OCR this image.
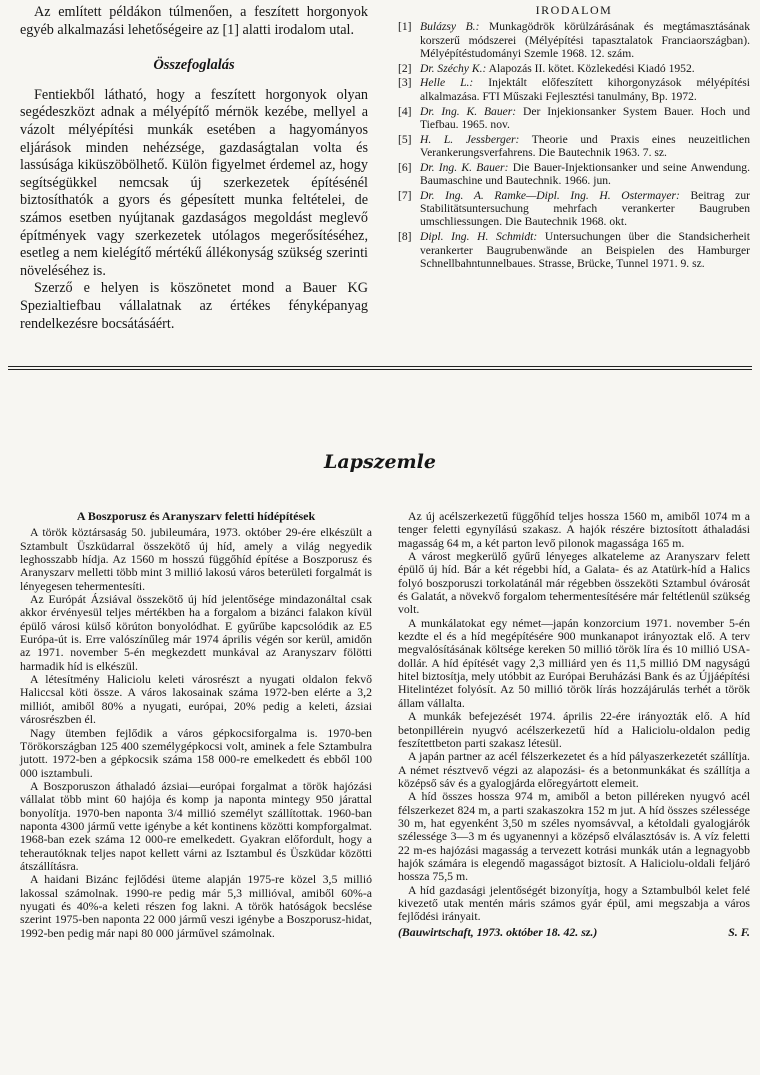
Az említett példákon túlmenően, a feszített horgonyok egyéb alkalmazási lehetőségeire az [1] alatti irodalom utal.

Összefoglalás

Fentiekből látható, hogy a feszített horgonyok olyan segédeszközt adnak a mélyépítő mérnök kezébe, mellyel a vázolt mélyépítési munkák esetében a hagyományos eljárások minden nehézsége, gazdaságtalan volta és lassúsága kiküszöbölhető. Külön figyelmet érdemel az, hogy segítségükkel nemcsak új szerkezetek építésénél biztosíthatók a gyors és gépesített munka feltételei, de számos esetben nyújtanak gazdaságos megoldást meglevő építmények vagy szerkezetek utólagos megerősítéséhez, esetleg a nem kielégítő mértékű állékonyság szükség szerinti növeléséhez is.

Szerző e helyen is köszönetet mond a Bauer KG Spezialtiefbau vállalatnak az értékes fényképanyag rendelkezésre bocsátásáért.

IRODALOM
[1] Bulázsy B.: Munkagödrök körülzárásának és megtámasztásának korszerű módszerei (Mélyépítési tapasztalatok Franciaországban). Mélyépítéstudományi Szemle 1968. 12. szám.
[2] Dr. Széchy K.: Alapozás II. kötet. Közlekedési Kiadó 1952.
[3] Helle L.: Injektált előfeszített kihorgonyzások mélyépítési alkalmazása. FTI Műszaki Fejlesztési tanulmány, Bp. 1972.
[4] Dr. Ing. K. Bauer: Der Injekionsanker System Bauer. Hoch und Tiefbau. 1965. nov.
[5] H. L. Jessberger: Theorie und Praxis eines neuzeitlichen Verankerungsverfahrens. Die Bautechnik 1963. 7. sz.
[6] Dr. Ing. K. Bauer: Die Bauer-Injektionsanker und seine Anwendung. Baumaschine und Bautechnik. 1966. jun.
[7] Dr. Ing. A. Ramke—Dipl. Ing. H. Ostermayer: Beitrag zur Stabilitätsuntersuchung mehrfach verankerter Baugruben umschliessungen. Die Bautechnik 1968. okt.
[8] Dipl. Ing. H. Schmidt: Untersuchungen über die Standsicherheit verankerter Baugrubenwände an Beispielen des Hamburger Schnellbahntunnelbaues. Strasse, Brücke, Tunnel 1971. 9. sz.
Lapszemle
A Boszporusz és Aranyszarv feletti hídépítések

A török köztársaság 50. jubileumára, 1973. október 29-ére elkészült a Sztambult Üszküdarral összekötő új híd, amely a világ negyedik leghosszabb hídja. Az 1560 m hosszú függőhíd építése a Boszporusz és Aranyszarv melletti több mint 3 millió lakosú város beterületi forgalmát is lényegesen tehermentesíti.

Az Európát Ázsiával összekötő új híd jelentősége mindazonáltal csak akkor érvényesül teljes mértékben ha a forgalom a bizánci falakon kívül épülő városi külső körúton bonyolódhat. E gyűrűbe kapcsolódik az E5 Európa-út is. Erre valószínűleg már 1974 április végén sor kerül, amidőn az 1971. november 5-én megkezdett munkával az Aranyszarv fölötti harmadik híd is elkészül.

A létesítmény Haliciolu keleti városrészt a nyugati oldalon fekvő Haliccsal köti össze. A város lakosainak száma 1972-ben elérte a 3,2 milliót, amiből 80% a nyugati, európai, 20% pedig a keleti, ázsiai városrészben él.

Nagy ütemben fejlődik a város gépkocsiforgalma is. 1970-ben Törökországban 125 400 személygépkocsi volt, aminek a fele Sztambulra jutott. 1972-ben a gépkocsik száma 158 000-re emelkedett és ebből 100 000 isztambuli.

A Boszporuszon áthaladó ázsiai—európai forgalmat a török hajózási vállalat több mint 60 hajója és komp ja naponta mintegy 950 járattal bonyolítja. 1970-ben naponta 3/4 millió személyt szállítottak. 1960-ban naponta 4300 jármű vette igénybe a két kontinens közötti kompforgalmat. 1968-ban ezek száma 12 000-re emelkedett. Gyakran előfordult, hogy a teherautóknak teljes napot kellett várni az Isztambul és Üszküdar közötti átszállításra.

A haidani Bizánc fejlődési üteme alapján 1975-re közel 3,5 millió lakossal számolnak. 1990-re pedig már 5,3 millióval, amiből 60%-a nyugati és 40%-a keleti részen fog lakni. A török hatóságok becslése szerint 1975-ben naponta 22 000 jármű veszi igénybe a Boszporusz-hidat, 1992-ben pedig már napi 80 000 járművel számolnak.

Az új acélszerkezetű függőhíd teljes hossza 1560 m, amiből 1074 m a tenger feletti egynyílású szakasz. A hajók részére biztosított áthaladási magasság 64 m, a két parton levő pilonok magassága 165 m.

A várost megkerülő gyűrű lényeges alkateleme az Aranyszarv felett épülő új híd. Bár a két régebbi híd, a Galata- és az Atatürk-híd a Halics folyó boszporuszi torkolatánál már régebben összeköti Sztambul óvárosát és Galatát, a növekvő forgalom tehermentesítésére már feltétlenül szükség volt.

A munkálatokat egy német—japán konzorcium 1971. november 5-én kezdte el és a híd megépítésére 900 munkanapot irányoztak elő. A terv megvalósításának költsége kereken 50 millió török líra és 10 millió USA-dollár. A híd építését vagy 2,3 milliárd yen és 11,5 millió DM nagyságú hitel biztosítja, mely utóbbit az Európai Beruházási Bank és az Újjáépítési Hitelintézet folyósít. Az 50 millió török lírás hozzájárulás terhét a török állam vállalta.

A munkák befejezését 1974. április 22-ére irányozták elő. A híd betonpillérein nyugvó acélszerkezetű híd a Haliciolu-oldalon pedig feszítettbeton parti szakasz létesül.

A japán partner az acél félszerkezetet és a híd pályaszerkezetét szállítja. A német résztvevő végzi az alapozási- és a betonmunkákat és szállítja a középső sáv és a gyalogjárda előregyártott elemeit.

A híd összes hossza 974 m, amiből a beton pilléreken nyugvó acél félszerkezet 824 m, a parti szakaszokra 152 m jut. A híd összes szélessége 30 m, hat egyenként 3,50 m széles nyomsávval, a kétoldali gyalogjárók szélessége 3—3 m és ugyanennyi a középső elválasztósáv is. A víz feletti 22 m-es hajózási magasság a tervezett kotrási munkák után a legnagyobb hajók számára is elegendő magasságot biztosít. A Haliciolu-oldali feljáró hossza 75,5 m.

A híd gazdasági jelentőségét bizonyítja, hogy a Sztambulból kelet felé kivezető utak mentén máris számos gyár épül, ami megszabja a város fejlődési irányait.

(Bauwirtschaft, 1973. október 18. 42. sz.)	S. F.
